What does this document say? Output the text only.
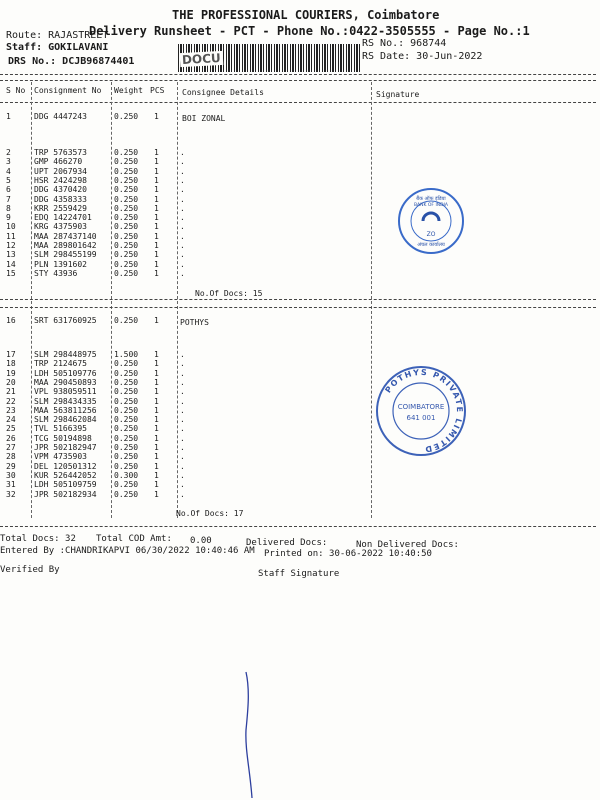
THE PROFESSIONAL COURIERS, Coimbatore
Delivery Runsheet - PCT - Phone No.:0422-3505555 - Page No.:1
Route: RAJASTREET
Staff: GOKILAVANI
DRS No.: DCJB96874401	DOCU
RS No.: 968744
RS Date: 30-Jun-2022
S No Consignment No Weight PCS Consignee Details	Signature
1	DDG 4447243	0.250 1	BOI ZONAL
2	TRP 5763573	0.250 1	.
3	GMP 466270	0.250 1	.
4	UPT 2067934	0.250 1	.
5	HSR 2424298	0.250 1	.
6	DDG 4370420	0.250 1	.
7	DDG 4358333	0.250 1	.
8	KRR 2559429	0.250 1	.
9	EDQ 14224701	0.250 1	.
10 KRG 4375903	0.250 1	.
11 MAA 287437140 0.250 1	.
12 MAA 289801642 0.250 1	.
13 SLM 298455199 0.250 1	.
14 PLN 1391602	0.250 1	.
15 STY 43936	0.250 1	.
No.Of Docs: 15
बैंक ऑफ इंडिया
BANK OF INDIA
ZO
अंचल कार्यालय
16 SRT 631760925 0.250 1	POTHYS
17 SLM 298448975 1.500 1	.
18 TRP 2124675	0.250 1	.
19 LDH 505109776 0.250 1	.
20 MAA 290450893 0.250 1	.
21 VPL 938059511 0.250 1	.
22 SLM 298434335 0.250 1	.
23 MAA 563811256 0.250 1	.
24 SLM 298462084 0.250 1	.
25 TVL 5166395	0.250 1	.
26 TCG 50194898	0.250 1	.
27 JPR 502182947 0.250 1	.
28 VPM 4735903	0.250 1	.
29 DEL 120501312 0.250 1	.
30 KUR 526442052 0.300 1	.
31 LDH 505109759 0.250 1	.
32 JPR 502182934 0.250 1	.
No.Of Docs: 17
POTHYS PRIVATE LIMITED
COIMBATORE
641 001
Total Docs: 32 Total COD Amt: 0.00	Delivered Docs:	Non Delivered Docs:
Entered By :CHANDRIKAPVI 06/30/2022 10:40:46 AM Printed on: 30-06-2022 10:40:50
Verified By	Staff Signature
